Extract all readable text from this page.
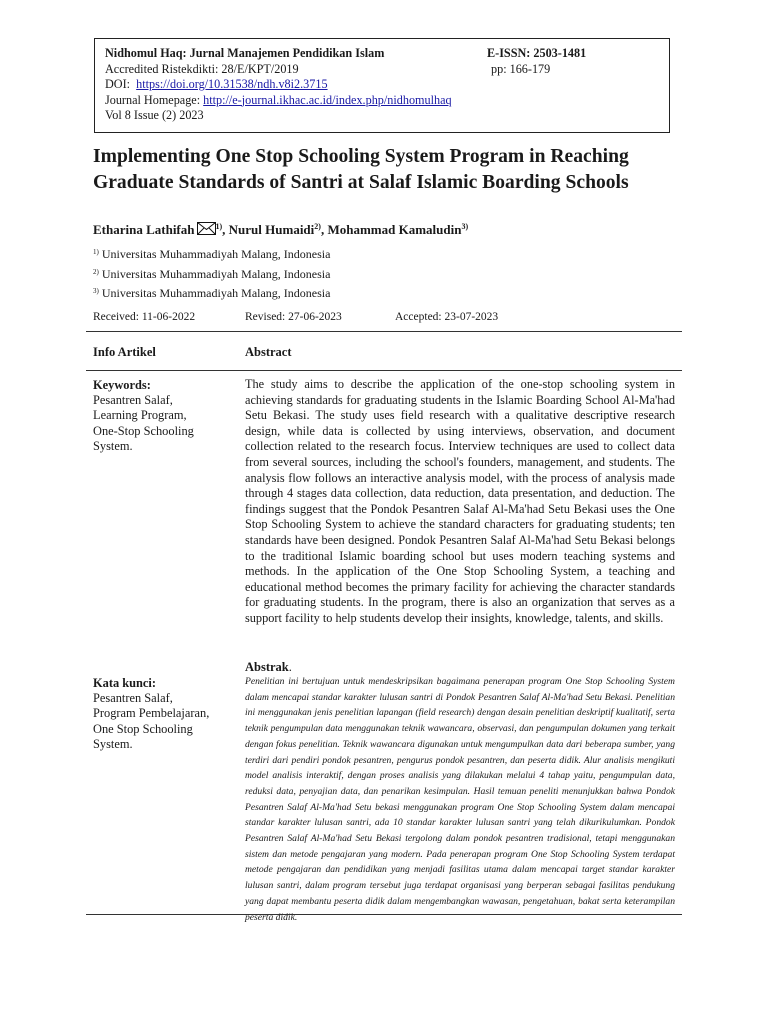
Nidhomul Haq: Jurnal Manajemen Pendidikan Islam	E-ISSN: 2503-1481
Accredited Ristekdikti: 28/E/KPT/2019	pp: 166-179
DOI: https://doi.org/10.31538/ndh.v8i2.3715
Journal Homepage: http://e-journal.ikhac.ac.id/index.php/nidhomulhaq
Vol 8 Issue (2) 2023
Implementing One Stop Schooling System Program in Reaching Graduate Standards of Santri at Salaf Islamic Boarding Schools
Etharina Lathifah	$^{1)}$, Nurul Humaidi$^{2)}$, Mohammad Kamaludin$^{3)}$
$^{1)}$ Universitas Muhammadiyah Malang, Indonesia
$^{2)}$ Universitas Muhammadiyah Malang, Indonesia
$^{3)}$ Universitas Muhammadiyah Malang, Indonesia
Received: 11-06-2022	Revised: 27-06-2023	Accepted: 23-07-2023
Info Artikel	Abstract
Keywords:
Pesantren Salaf,
Learning Program,
One-Stop Schooling
System.

The study aims to describe the application of the one-stop schooling system in achieving standards for graduating students in the Islamic Boarding School Al-Ma'had Setu Bekasi. The study uses field research with a qualitative descriptive research design, while data is collected by using interviews, observation, and document collection related to the research focus. Interview techniques are used to collect data from several sources, including the school's founders, management, and students. The analysis flow follows an interactive analysis model, with the process of analysis made through 4 stages data collection, data reduction, data presentation, and deduction. The findings suggest that the Pondok Pesantren Salaf Al-Ma'had Setu Bekasi uses the One Stop Schooling System to achieve the standard characters for graduating students; ten standards have been designed. Pondok Pesantren Salaf Al-Ma'had Setu Bekasi belongs to the traditional Islamic boarding school but uses modern teaching systems and methods. In the application of the One Stop Schooling System, a teaching and educational method becomes the primary facility for achieving the character standards for graduating students. In the program, there is also an organization that serves as a support facility to help students develop their insights, knowledge, talents, and skills.

Kata kunci:
Pesantren Salaf,
Program Pembelajaran,
One Stop Schooling
System.
Abstrak.

Penelitian ini bertujuan untuk mendeskripsikan bagaimana penerapan program One Stop Schooling System dalam mencapai standar karakter lulusan santri di Pondok Pesantren Salaf Al-Ma'had Setu Bekasi. Penelitian ini menggunakan jenis penelitian lapangan (field research) dengan desain penelitian deskriptif kualitatif, serta teknik pengumpulan data menggunakan teknik wawancara, observasi, dan pengumpulan dokumen yang terkait dengan fokus penelitian. Teknik wawancara digunakan untuk mengumpulkan data dari beberapa sumber, yang terdiri dari pendiri pondok pesantren, pengurus pondok pesantren, dan peserta didik. Alur analisis mengikuti model analisis interaktif, dengan proses analisis yang dilakukan melalui 4 tahap yaitu, pengumpulan data, reduksi data, penyajian data, dan penarikan kesimpulan. Hasil temuan peneliti menunjukkan bahwa Pondok Pesantren Salaf Al-Ma'had Setu bekasi menggunakan program One Stop Schooling System dalam mencapai standar karakter lulusan santri, ada 10 standar karakter lulusan santri yang telah dikurikulumkan. Pondok Pesantren Salaf Al-Ma'had Setu Bekasi tergolong dalam pondok pesantren tradisional, tetapi menggunakan sistem dan metode pengajaran yang modern. Pada penerapan program One Stop Schooling System terdapat metode pengajaran dan pendidikan yang menjadi fasilitas utama dalam mencapai target standar karakter lulusan santri, dalam program tersebut juga terdapat organisasi yang berperan sebagai fasilitas pendukung yang dapat membantu peserta didik dalam mengembangkan wawasan, pengetahuan, bakat serta keterampilan peserta didik.
